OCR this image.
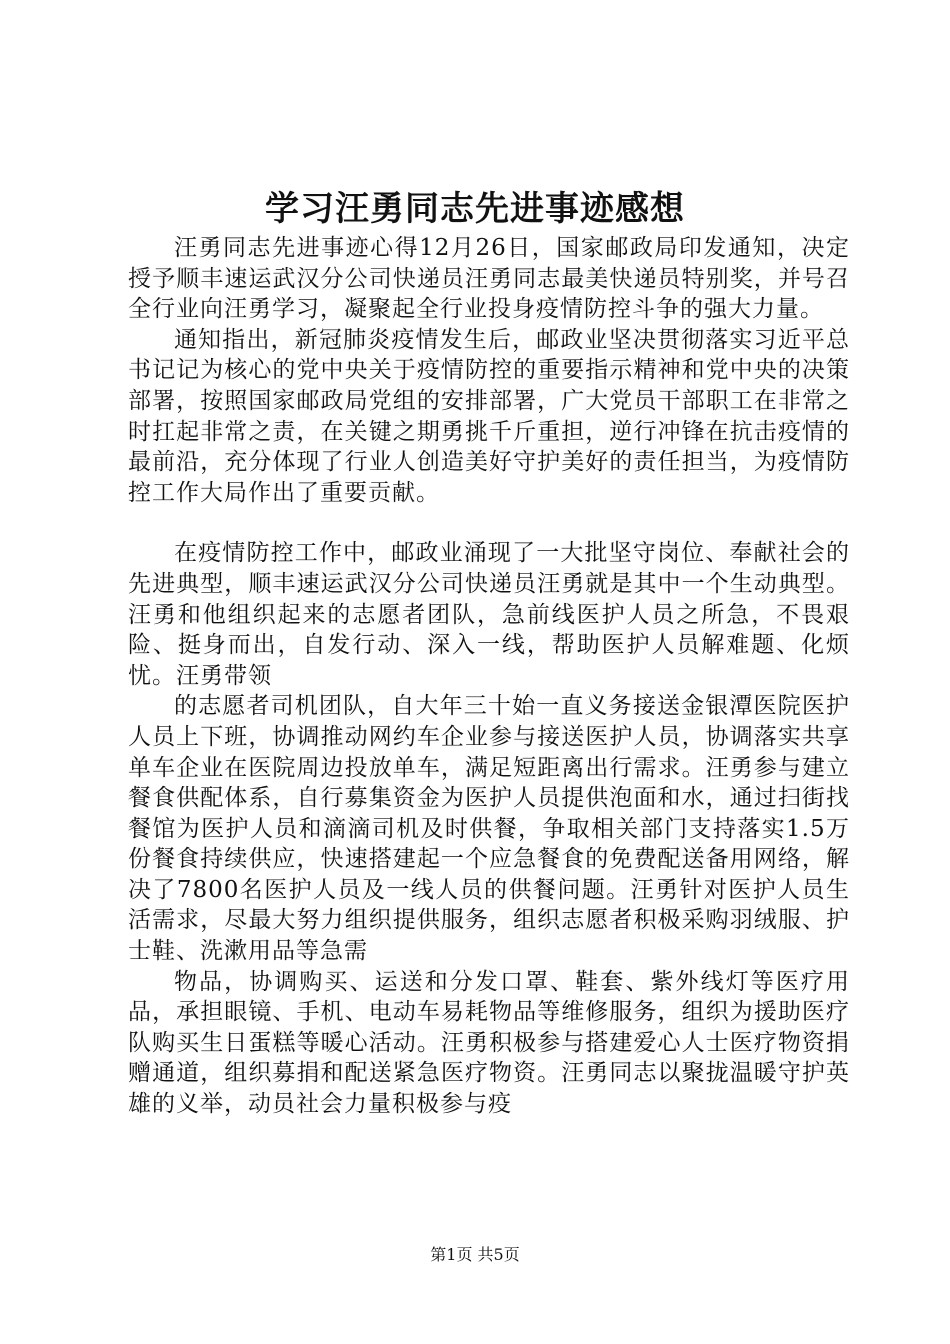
学习汪勇同志先进事迹感想

汪勇同志先进事迹心得12月26日，国家邮政局印发通知，决定授予顺丰速运武汉分公司快递员汪勇同志最美快递员特别奖，并号召全行业向汪勇学习，凝聚起全行业投身疫情防控斗争的强大力量。

通知指出，新冠肺炎疫情发生后，邮政业坚决贯彻落实习近平总书记记为核心的党中央关于疫情防控的重要指示精神和党中央的决策部署，按照国家邮政局党组的安排部署，广大党员干部职工在非常之时扛起非常之责，在关键之期勇挑千斤重担，逆行冲锋在抗击疫情的最前沿，充分体现了行业人创造美好守护美好的责任担当，为疫情防控工作大局作出了重要贡献。

在疫情防控工作中，邮政业涌现了一大批坚守岗位、奉献社会的先进典型，顺丰速运武汉分公司快递员汪勇就是其中一个生动典型。汪勇和他组织起来的志愿者团队，急前线医护人员之所急，不畏艰险、挺身而出，自发行动、深入一线，帮助医护人员解难题、化烦忧。汪勇带领

的志愿者司机团队，自大年三十始一直义务接送金银潭医院医护人员上下班，协调推动网约车企业参与接送医护人员，协调落实共享单车企业在医院周边投放单车，满足短距离出行需求。汪勇参与建立餐食供配体系，自行募集资金为医护人员提供泡面和水，通过扫街找餐馆为医护人员和滴滴司机及时供餐，争取相关部门支持落实1.5万份餐食持续供应，快速搭建起一个应急餐食的免费配送备用网络，解决了7800名医护人员及一线人员的供餐问题。汪勇针对医护人员生活需求，尽最大努力组织提供服务，组织志愿者积极采购羽绒服、护士鞋、洗漱用品等急需

物品，协调购买、运送和分发口罩、鞋套、紫外线灯等医疗用品，承担眼镜、手机、电动车易耗物品等维修服务，组织为援助医疗队购买生日蛋糕等暖心活动。汪勇积极参与搭建爱心人士医疗物资捐赠通道，组织募捐和配送紧急医疗物资。汪勇同志以聚拢温暖守护英雄的义举，动员社会力量积极参与疫

第1页 共5页
